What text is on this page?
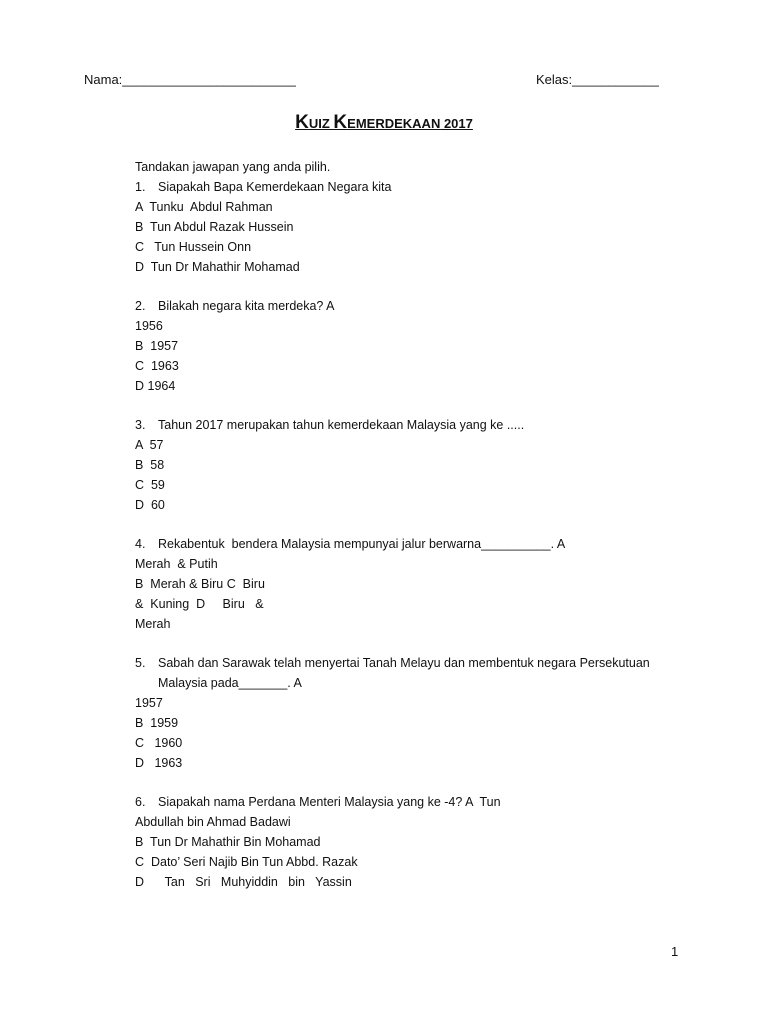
Nama:________________________	Kelas:____________
KUIZ KEMERDEKAAN 2017
Tandakan jawapan yang anda pilih.
1. Siapakah Bapa Kemerdekaan Negara kita
A  Tunku  Abdul Rahman
B  Tun Abdul Razak Hussein
C   Tun Hussein Onn
D  Tun Dr Mahathir Mohamad
2. Bilakah negara kita merdeka? A
1956
B  1957
C  1963
D 1964
3. Tahun 2017 merupakan tahun kemerdekaan Malaysia yang ke .....
A  57
B  58
C  59
D  60
4. Rekabentuk  bendera Malaysia mempunyai jalur berwarna__________. A
Merah  & Putih
B  Merah & Biru C  Biru
&  Kuning  D     Biru   &
Merah
5. Sabah dan Sarawak telah menyertai Tanah Melayu dan membentuk negara Persekutuan
Malaysia pada_______. A
1957
B  1959
C   1960
D   1963
6. Siapakah nama Perdana Menteri Malaysia yang ke -4? A  Tun
Abdullah bin Ahmad Badawi
B  Tun Dr Mahathir Bin Mohamad
C  Dato’ Seri Najib Bin Tun Abbd. Razak
D      Tan   Sri   Muhyiddin   bin   Yassin
1
